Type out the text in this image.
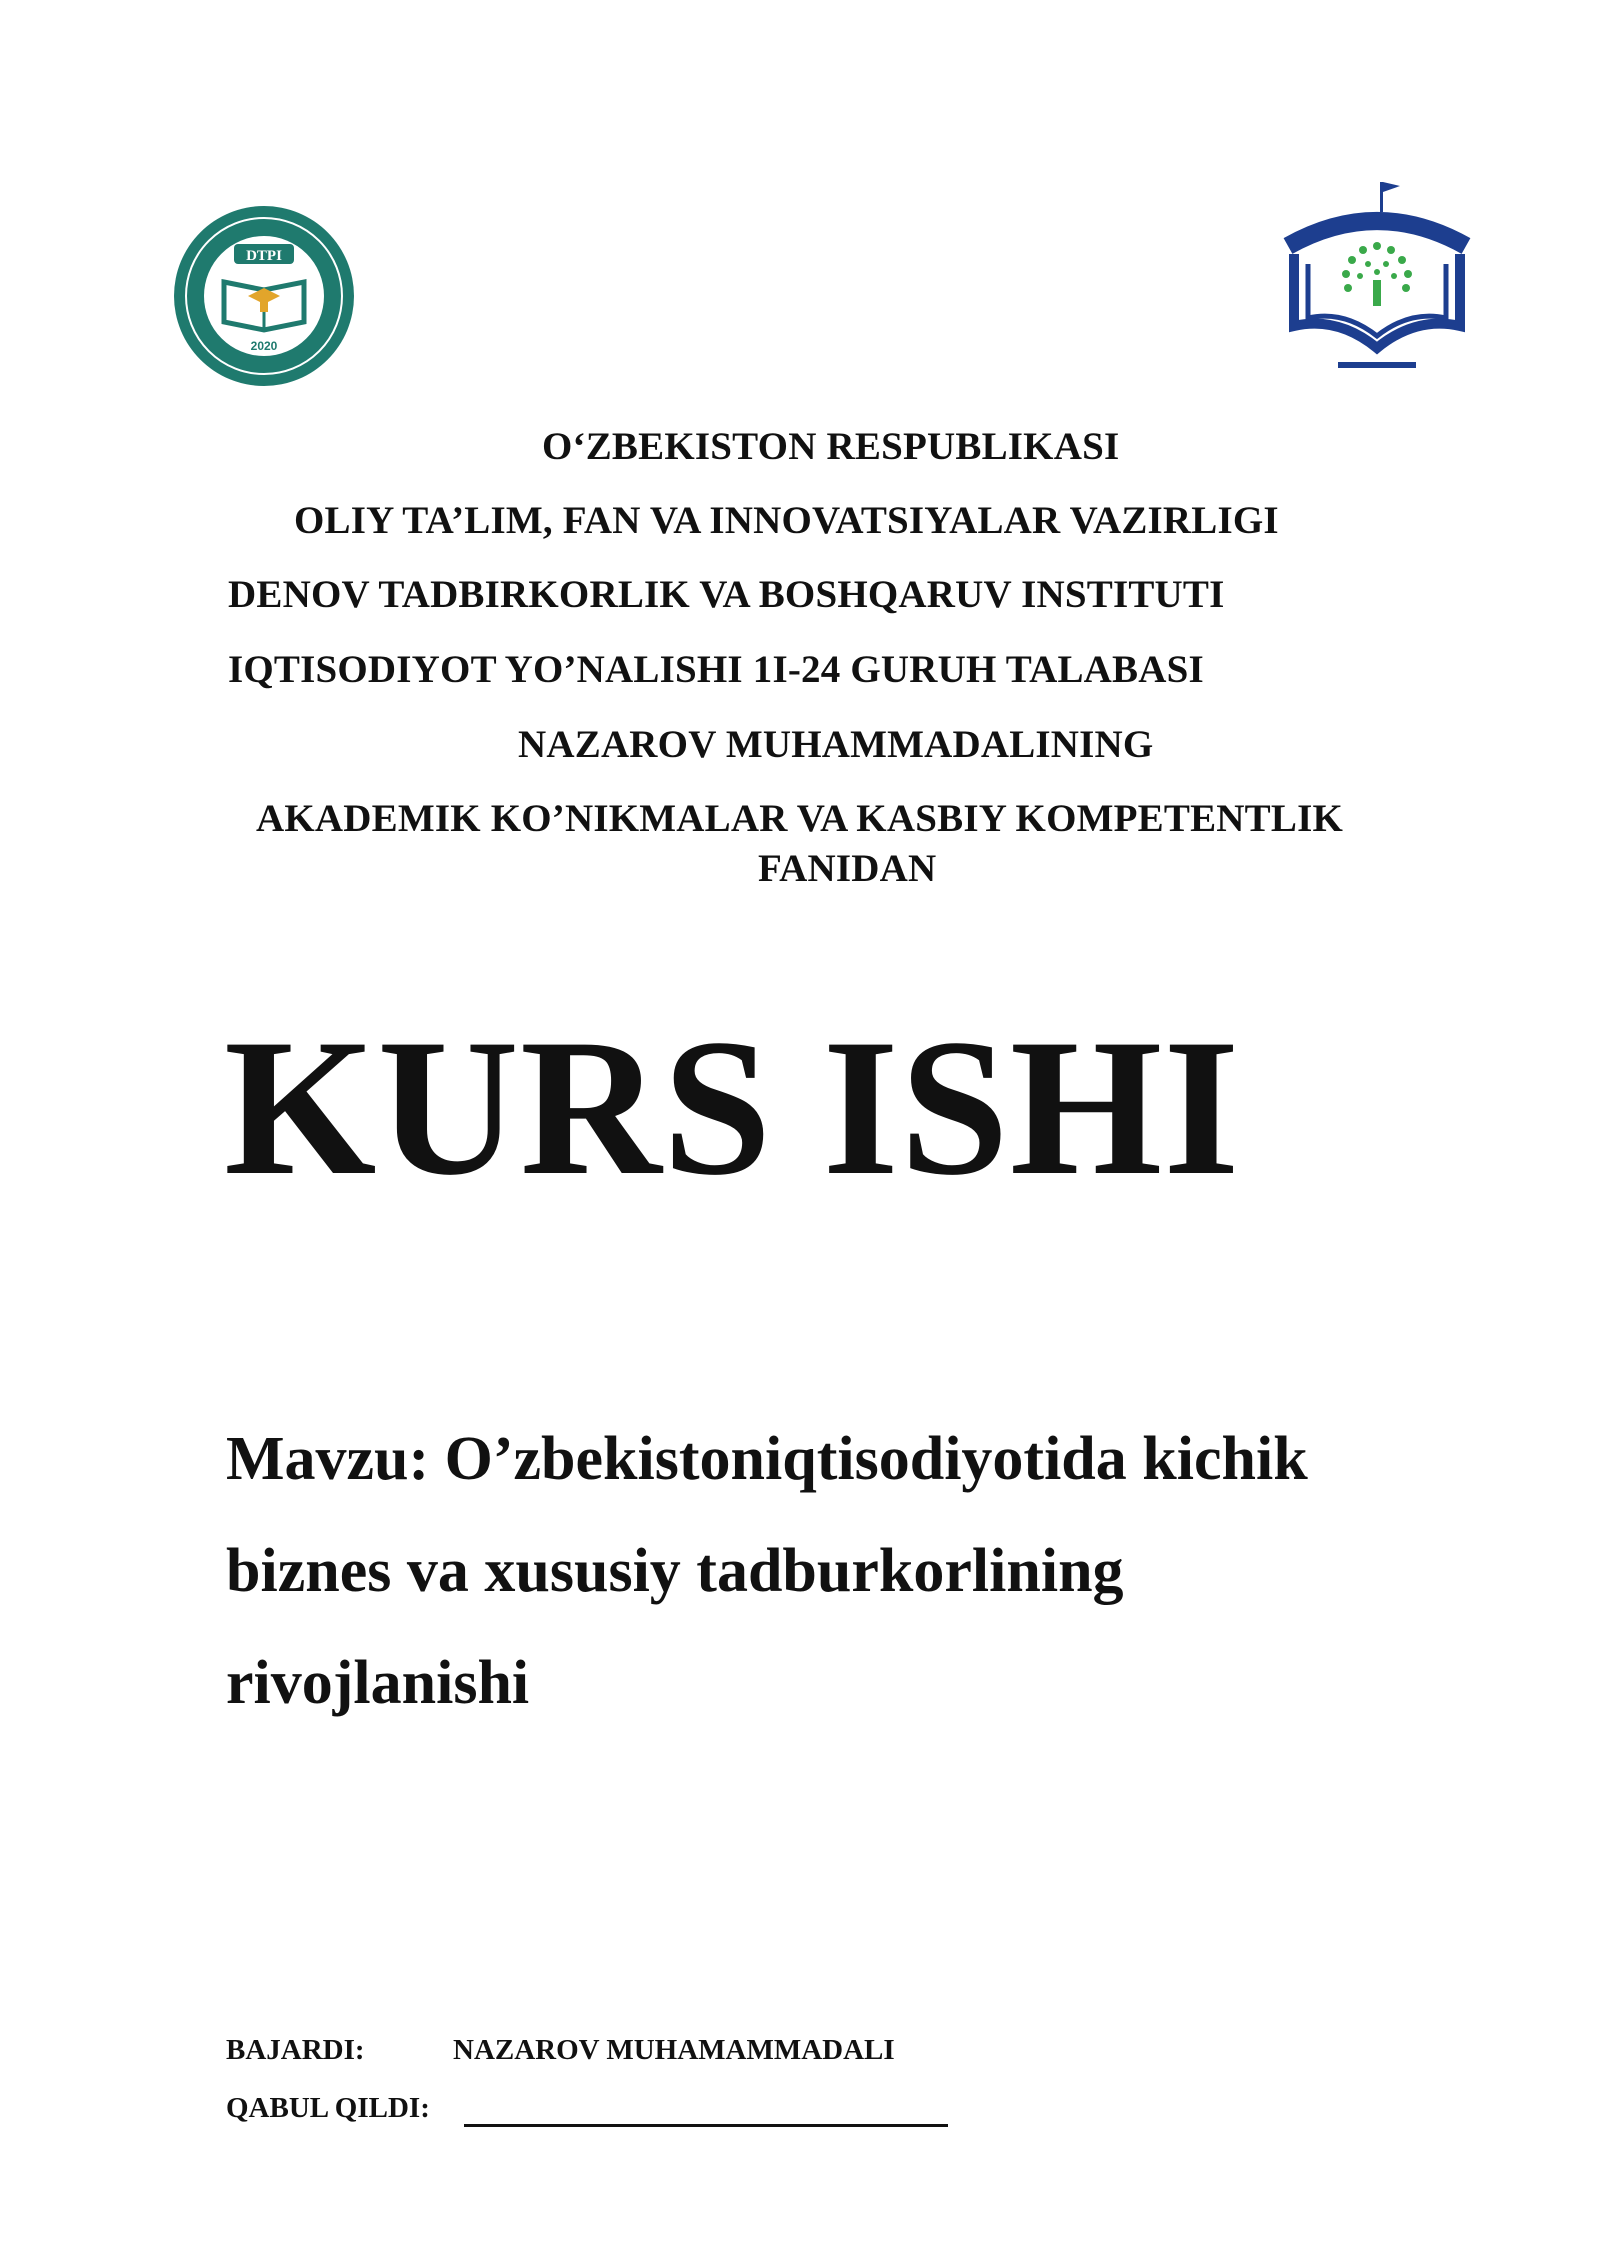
DTPI
2020
O‘ZBEKISTON RESPUBLIKASI
OLIY TA’LIM, FAN VA INNOVATSIYALAR VAZIRLIGI
DENOV TADBIRKORLIK VA BOSHQARUV INSTITUTI
IQTISODIYOT YO’NALISHI 1I-24 GURUH TALABASI
NAZAROV MUHAMMADALINING
AKADEMIK KO’NIKMALAR VA KASBIY KOMPETENTLIK
FANIDAN
KURS ISHI
Mavzu: O’zbekistoniqtisodiyotida kichik
biznes va xususiy tadburkorlining
rivojlanishi
BAJARDI:	NAZAROV MUHAMAMMADALI
QABUL QILDI:
